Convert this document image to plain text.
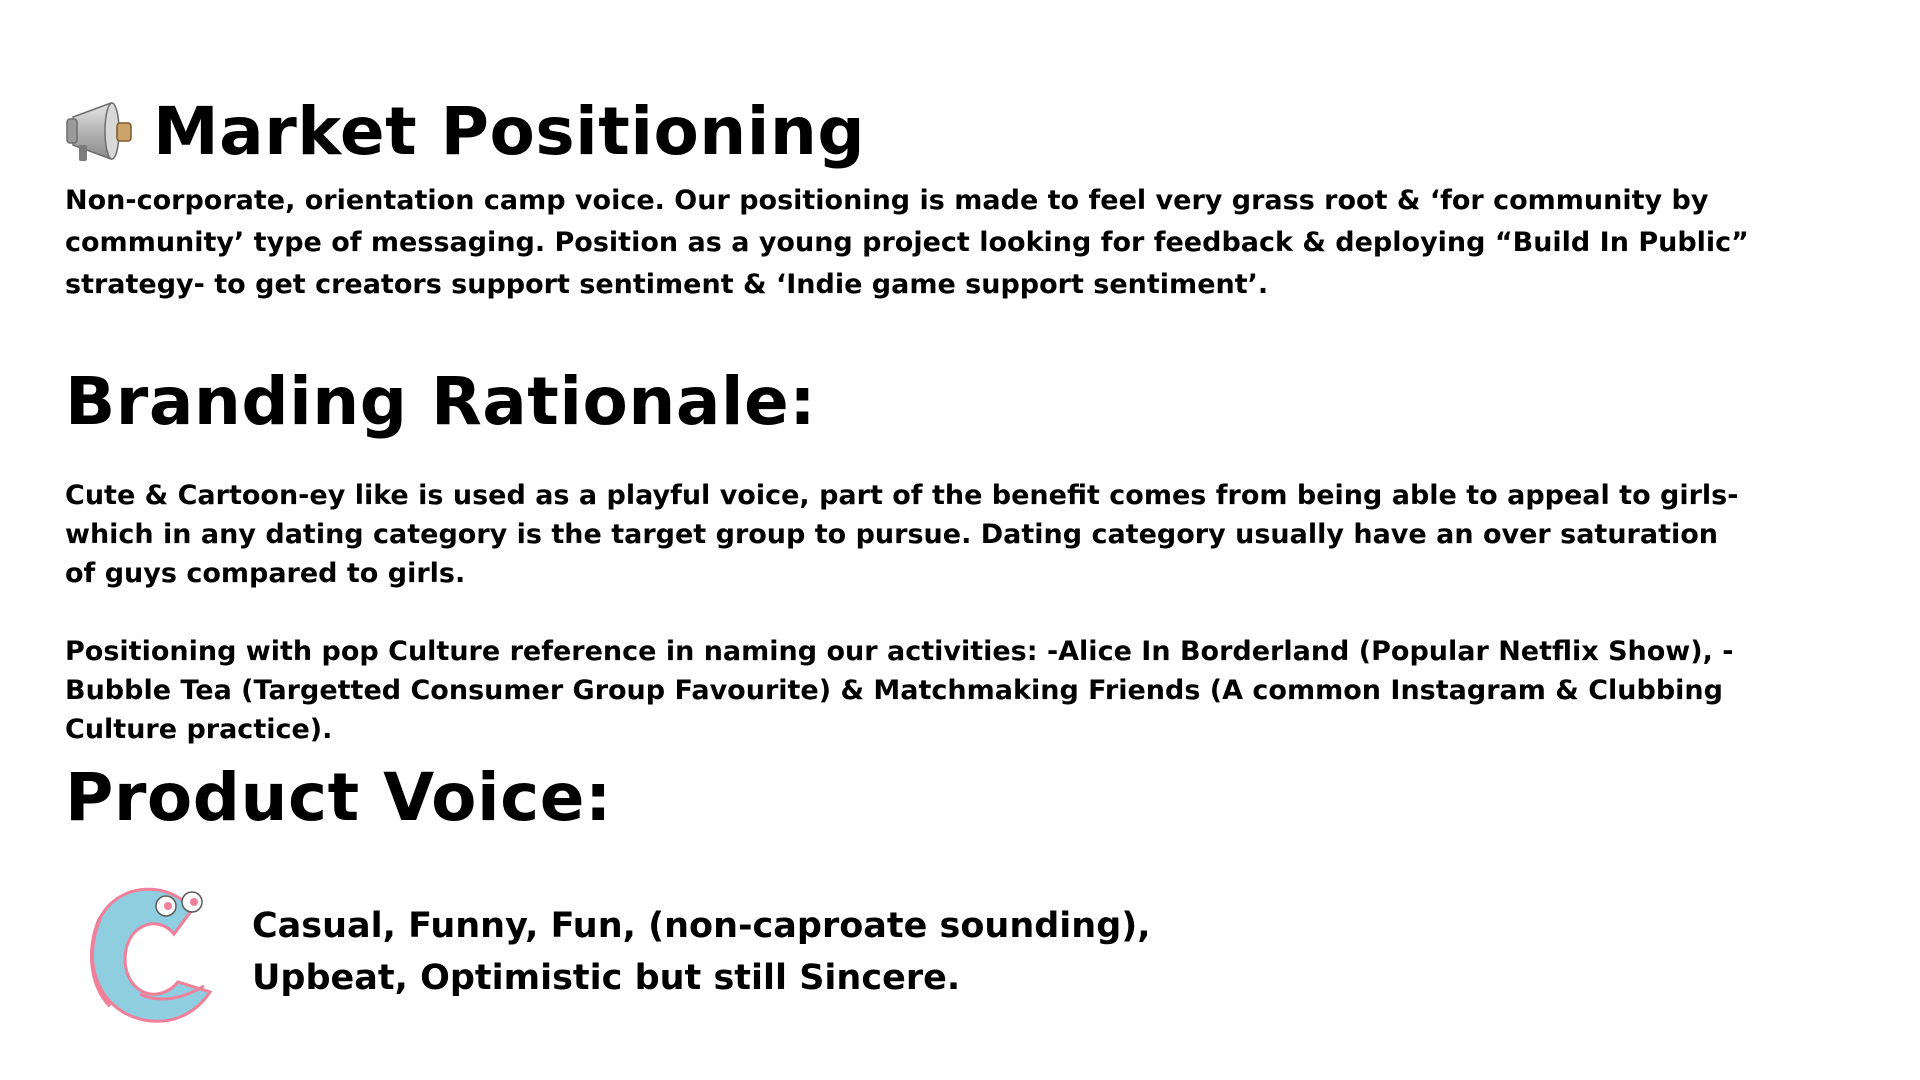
Market Positioning

Non-corporate, orientation camp voice. Our positioning is made to feel very grass root & ‘for community by community’ type of messaging. Position as a young project looking for feedback & deploying “Build In Public” strategy- to get creators support sentiment & ‘Indie game support sentiment’.

Branding Rationale:

Cute & Cartoon-ey like is used as a playful voice, part of the benefit comes from being able to appeal to girls- which in any dating category is the target group to pursue. Dating category usually have an over saturation of guys compared to girls.

Positioning with pop Culture reference in naming our activities: -Alice In Borderland (Popular Netflix Show), -Bubble Tea (Targetted Consumer Group Favourite) & Matchmaking Friends (A common Instagram & Clubbing Culture practice).

Product Voice:

Casual, Funny, Fun, (non-caproate sounding),
Upbeat, Optimistic but still Sincere.
